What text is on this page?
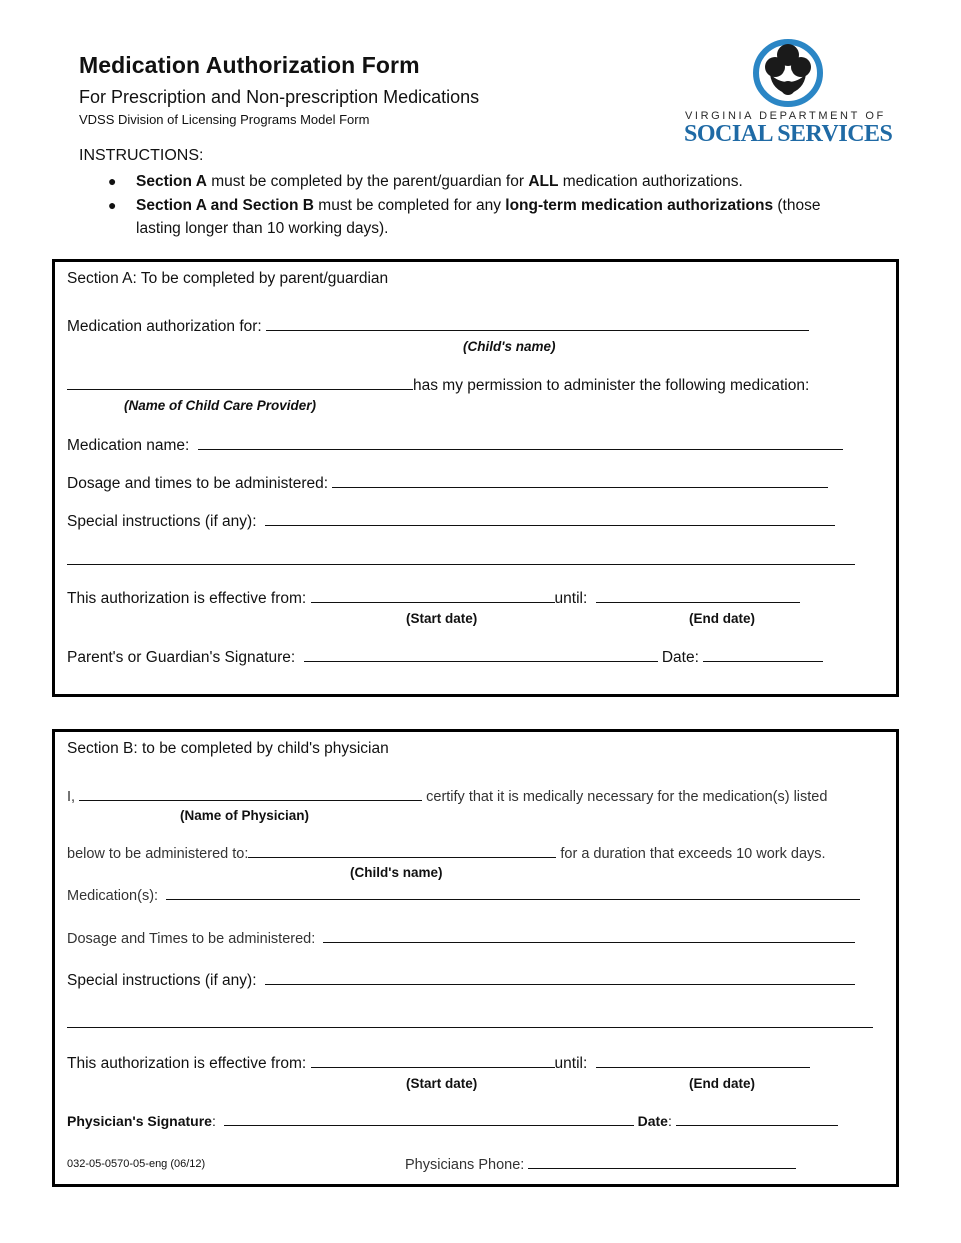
Medication Authorization Form
For Prescription and Non-prescription Medications
VDSS Division of Licensing Programs Model Form	VIRGINIA DEPARTMENT OF
SOCIAL SERVICES
INSTRUCTIONS:
● Section A must be completed by the parent/guardian for ALL medication authorizations.
● Section A and Section B must be completed for any long-term medication authorizations (those
lasting longer than 10 working days).
Section A: To be completed by parent/guardian
Medication authorization for:
(Child's name)
has my permission to administer the following medication:
(Name of Child Care Provider)
Medication name:
Dosage and times to be administered:
Special instructions (if any):
This authorization is effective from:	until:
(Start date)	(End date)
Parent's or Guardian's Signature:	Date:
Section B: to be completed by child's physician
I,	certify that it is medically necessary for the medication(s) listed
(Name of Physician)
below to be administered to:	for a duration that exceeds 10 work days.
(Child's name)
Medication(s):
Dosage and Times to be administered:
Special instructions (if any):
This authorization is effective from:	until:
(Start date)	(End date)
Physician's Signature:	Date:
032-05-0570-05-eng (06/12)	Physicians Phone:
